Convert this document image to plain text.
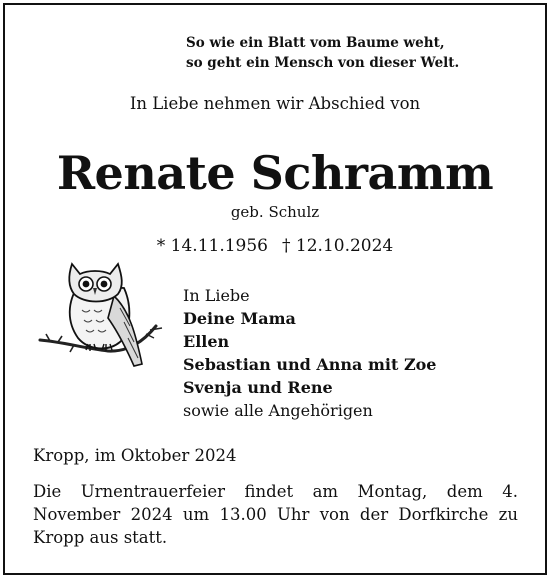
So wie ein Blatt vom Baume weht,
so geht ein Mensch von dieser Welt.
In Liebe nehmen wir Abschied von
Renate Schramm
geb. Schulz
* 14.11.1956 † 12.10.2024
In Liebe
Deine Mama
Ellen
Sebastian und Anna mit Zoe
Svenja und Rene
sowie alle Angehörigen
Kropp, im Oktober 2024
Die Urnentrauerfeier findet am Montag, dem 4. November 2024 um 13.00 Uhr von der Dorfkirche zu Kropp aus statt.
